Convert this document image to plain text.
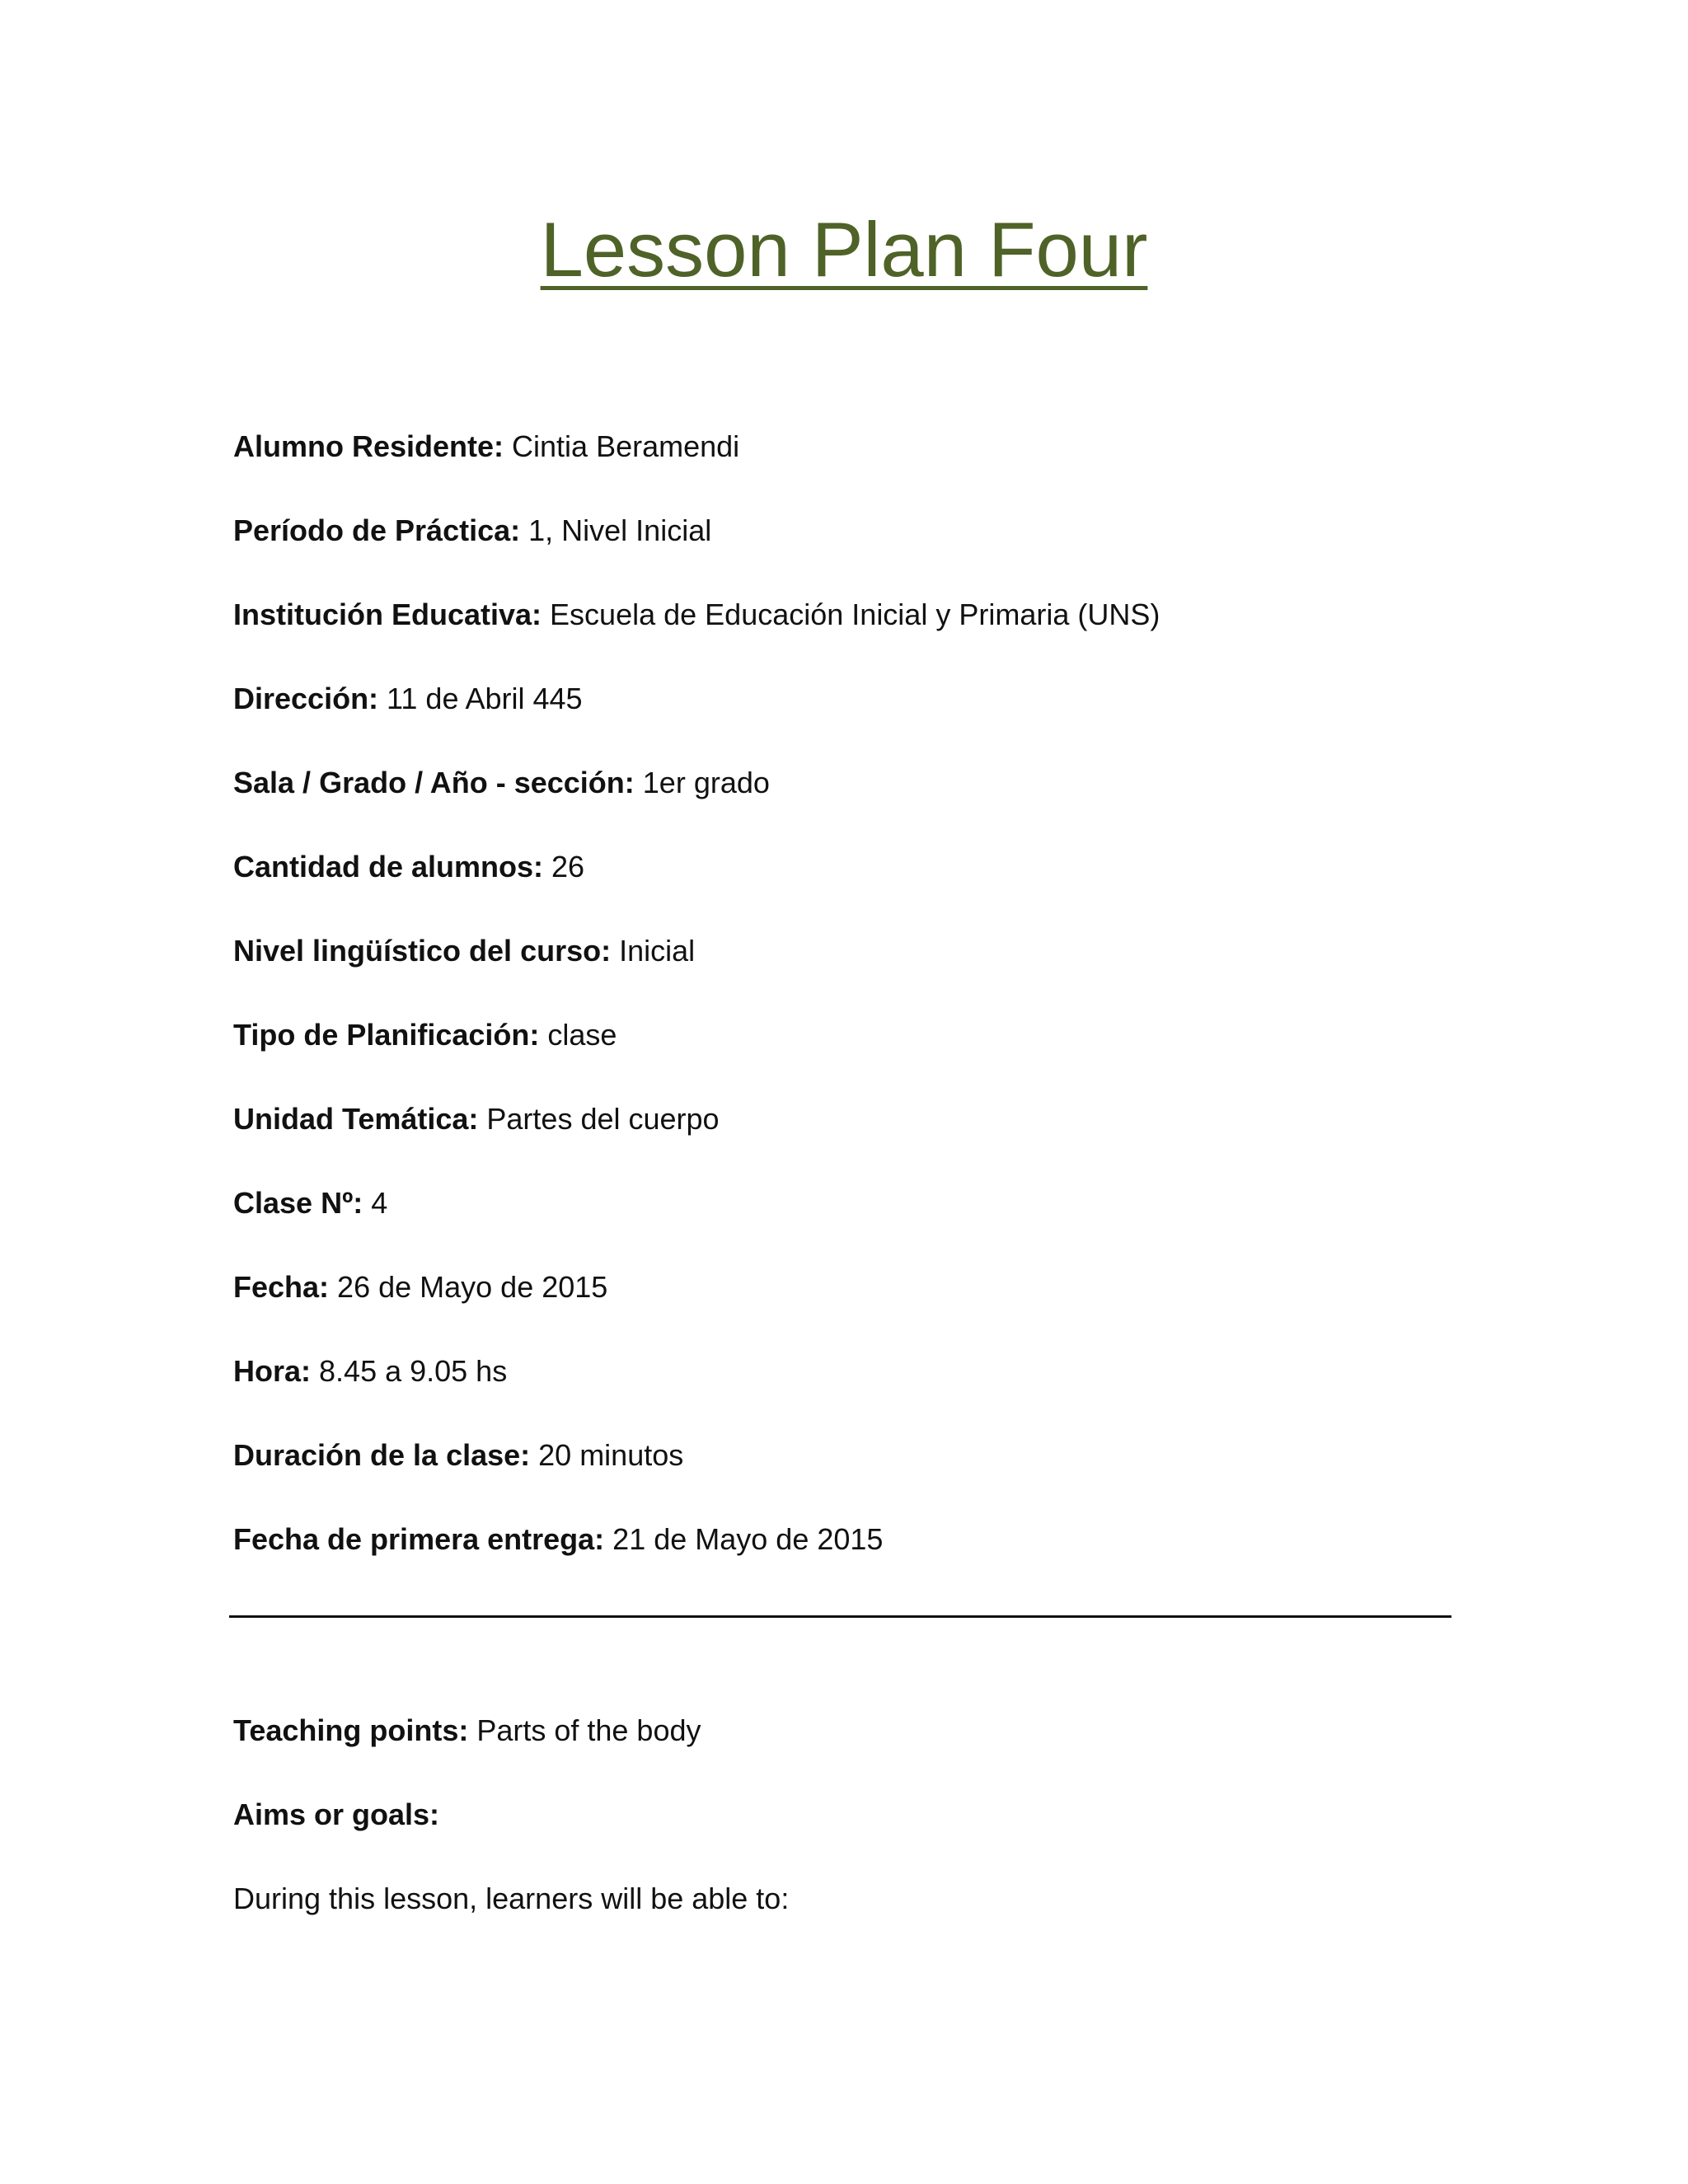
Lesson Plan Four
Alumno Residente: Cintia Beramendi
Período de Práctica: 1, Nivel Inicial
Institución Educativa: Escuela de Educación Inicial y Primaria (UNS)
Dirección: 11 de Abril 445
Sala / Grado / Año - sección: 1er grado
Cantidad de alumnos: 26
Nivel lingüístico del curso: Inicial
Tipo de Planificación: clase
Unidad Temática: Partes del cuerpo
Clase Nº: 4
Fecha: 26 de Mayo de 2015
Hora: 8.45 a 9.05 hs
Duración de la clase: 20 minutos
Fecha de primera entrega: 21 de Mayo de 2015
Teaching points: Parts of the body
Aims or goals:
During this lesson, learners will be able to:
